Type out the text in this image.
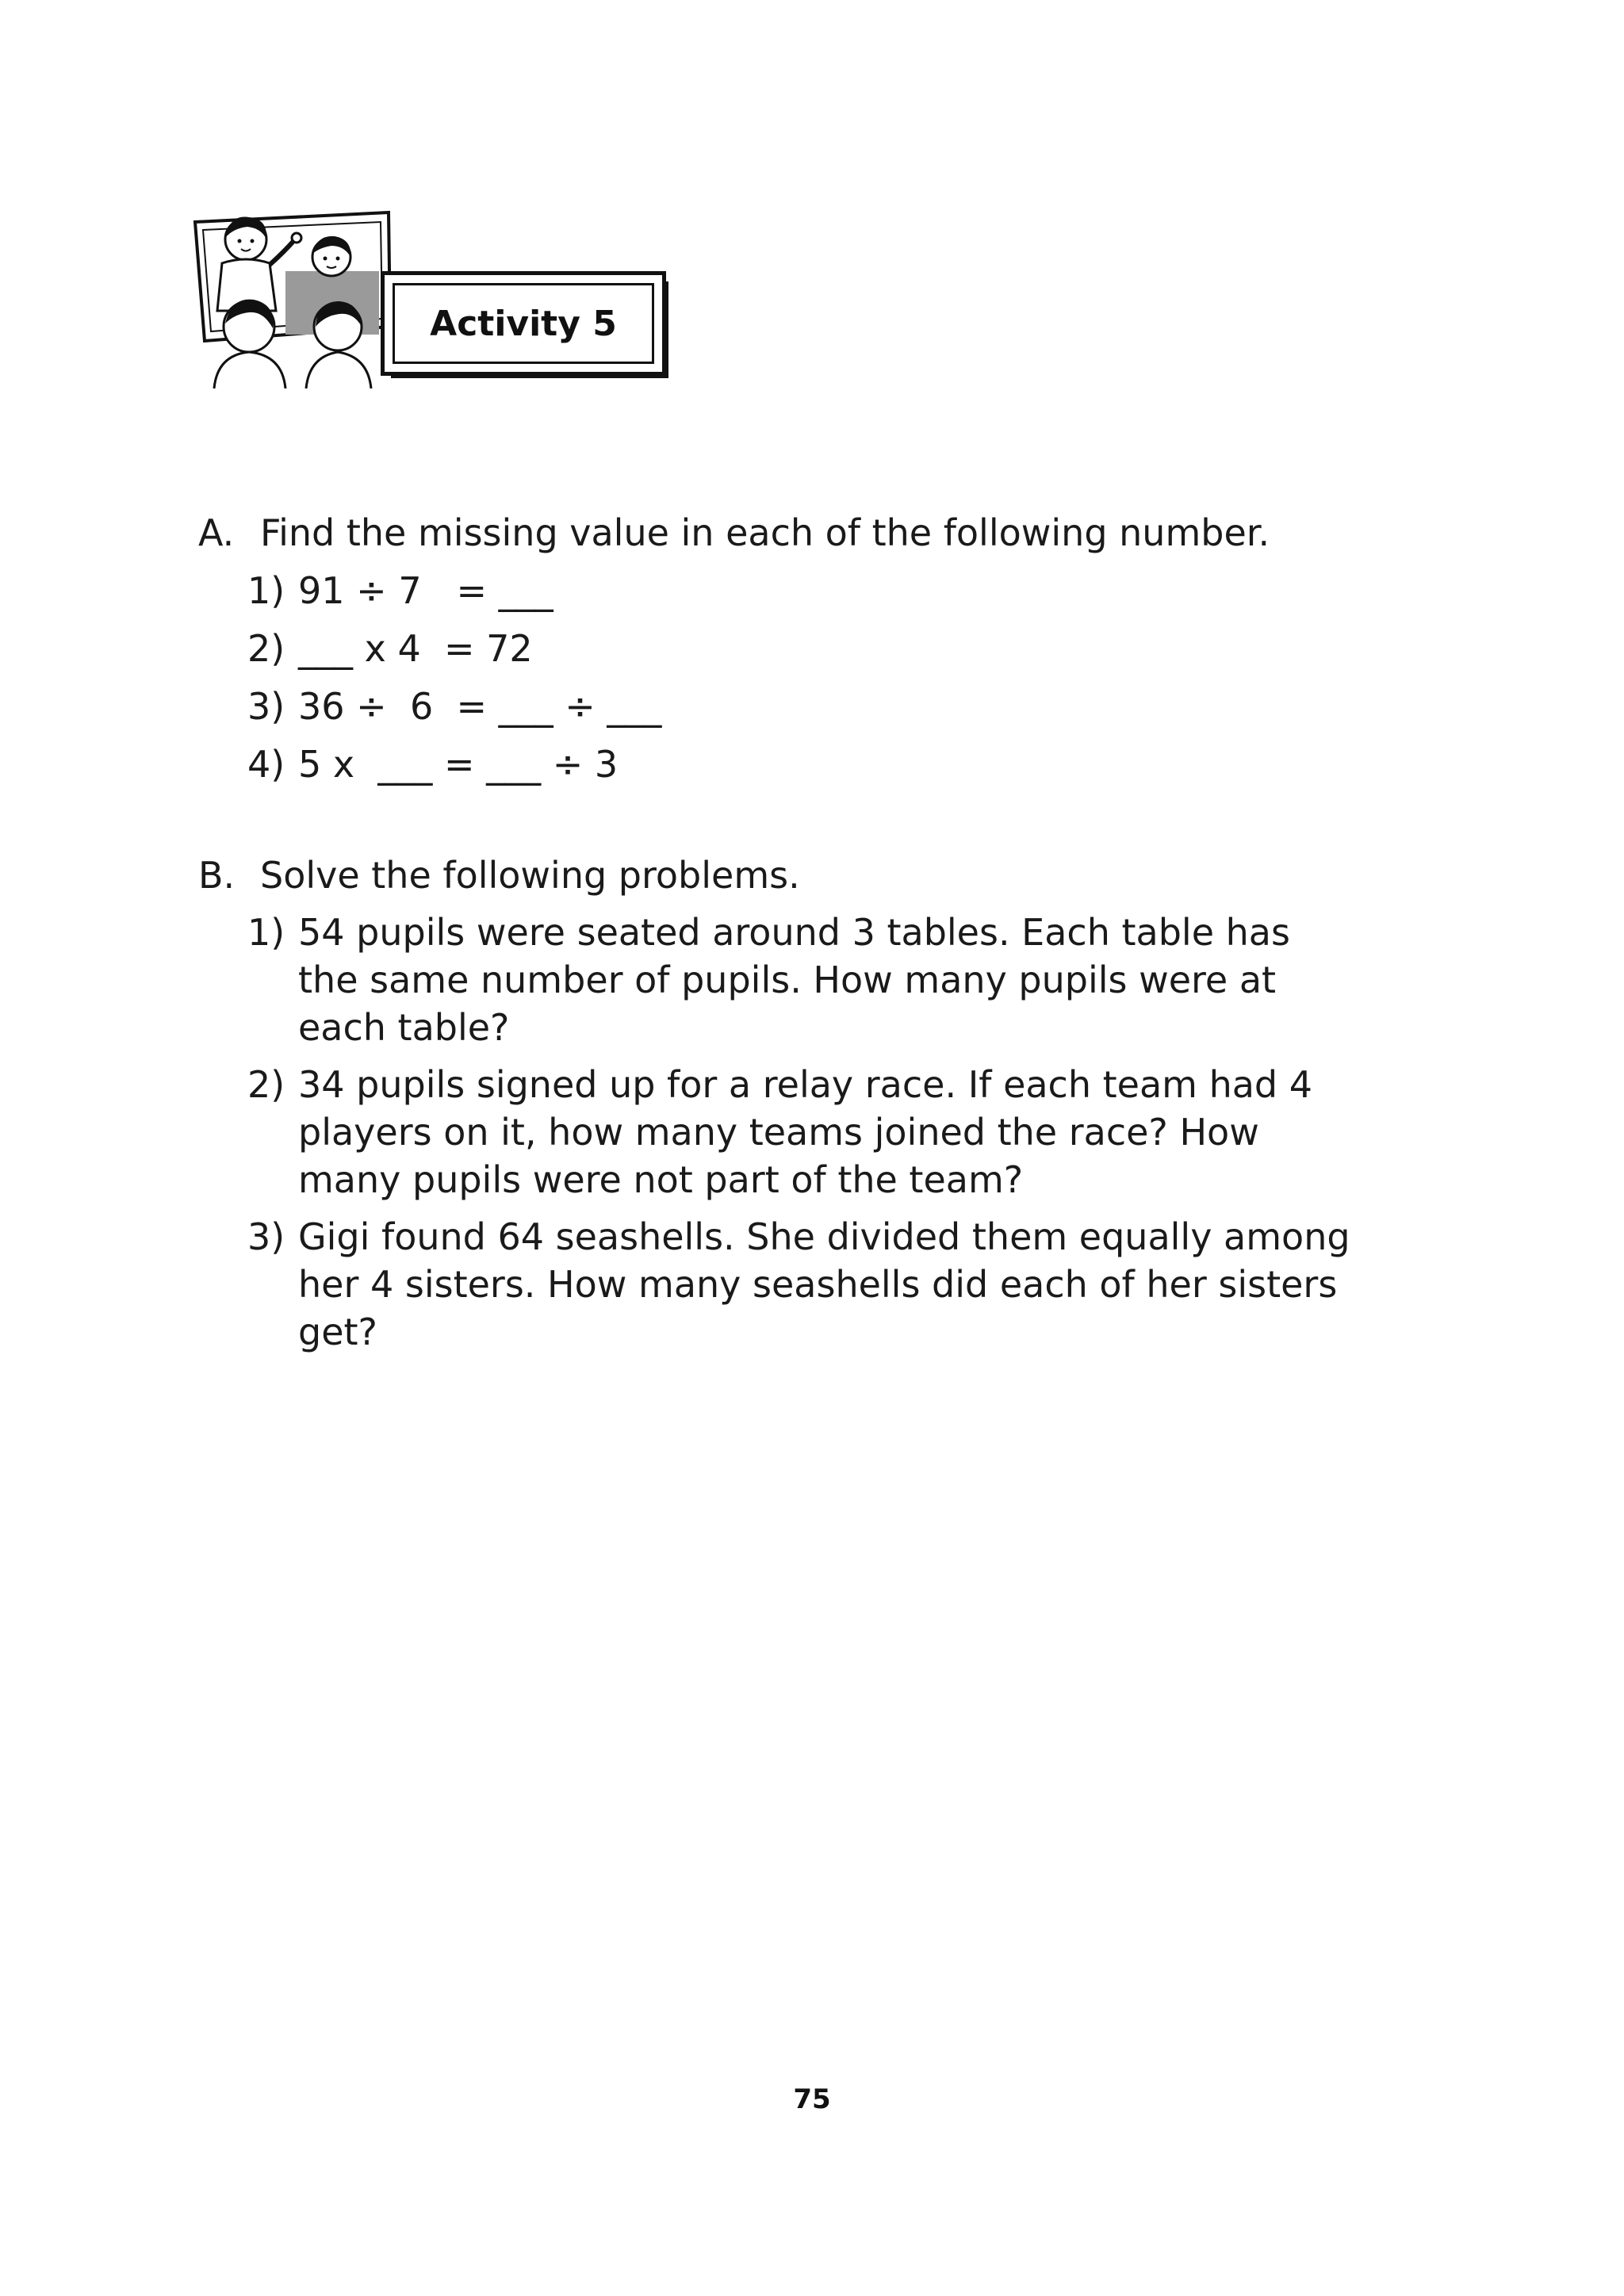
Activity 5
A. Find the missing value in each of the following number.
1) 91 ÷ 7   = ___
2) ___ x 4  = 72
3) 36 ÷  6  = ___ ÷ ___
4) 5 x  ___ = ___ ÷ 3
B. Solve the following problems.
1) 54 pupils were seated around 3 tables. Each table has the same number of pupils. How many pupils were at each table?
2) 34 pupils signed up for a relay race. If each team had 4 players on it, how many teams joined the race? How many pupils were not part of the team?
3) Gigi found 64 seashells. She divided them equally among her 4 sisters. How many seashells did each of her sisters get?
75
